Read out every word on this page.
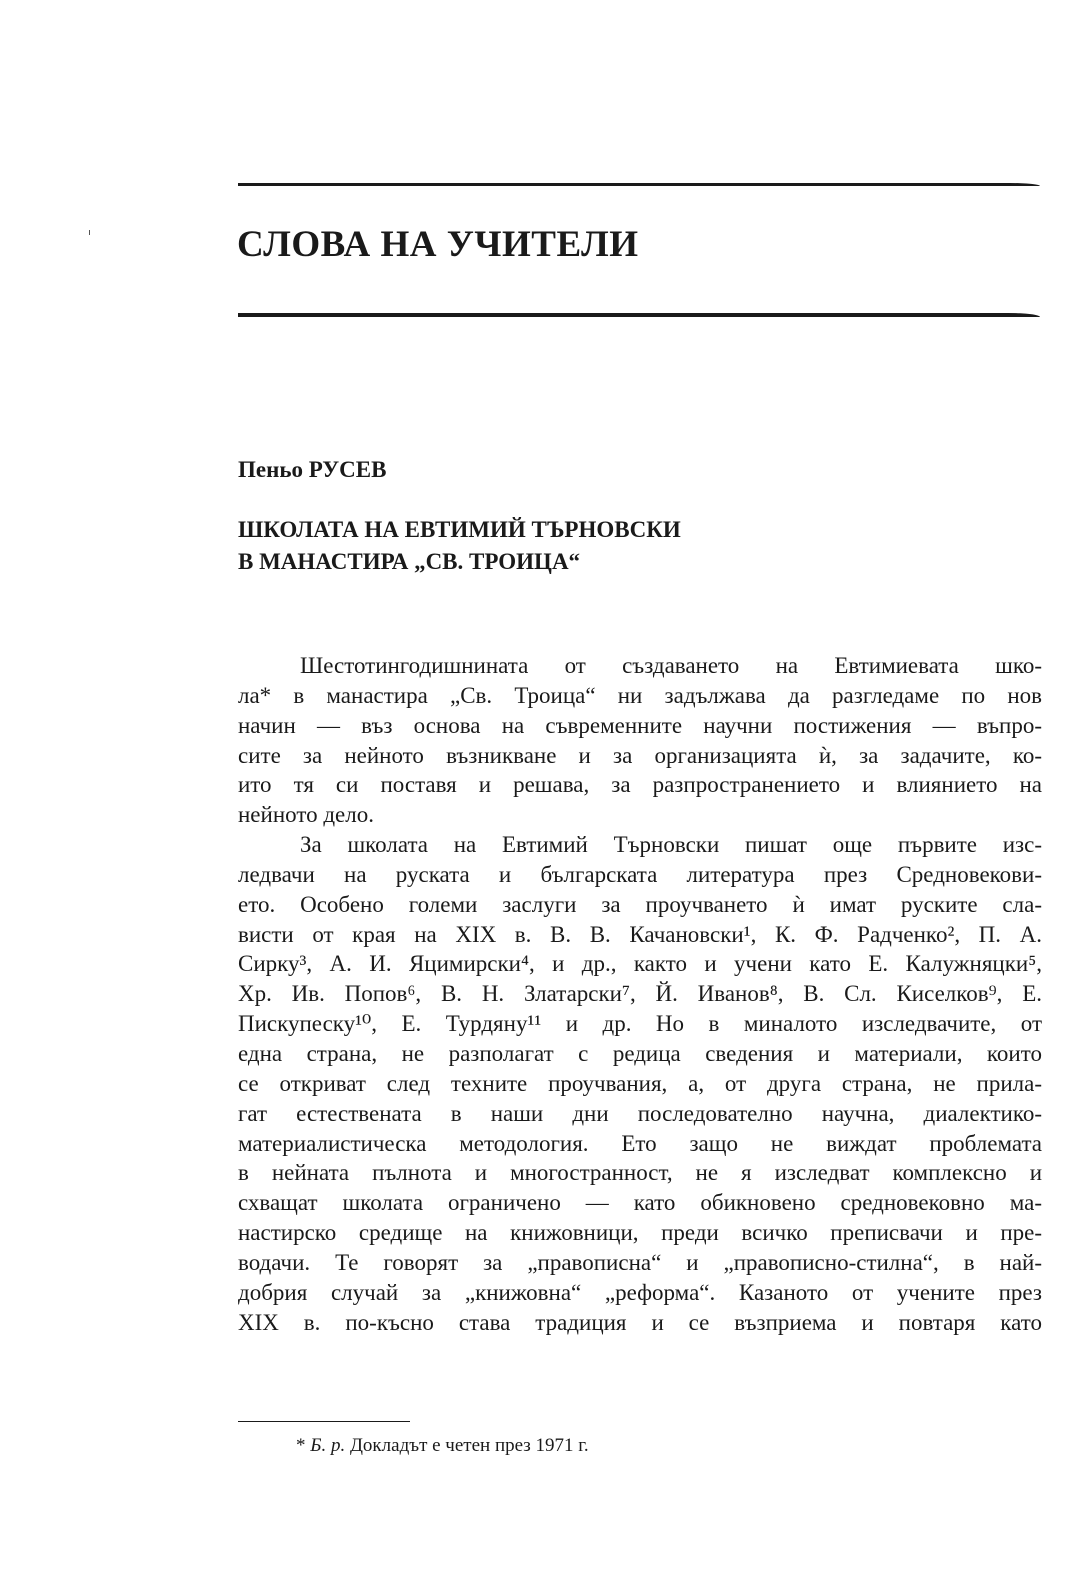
СЛОВА НА УЧИТЕЛИ

Пеньо РУСЕВ

ШКОЛАТА НА ЕВТИМИЙ ТЪРНОВСКИ
В МАНАСТИРА „СВ. ТРОИЦА“
Шестотингодишнината от създаването на Евтимиевата шко-
ла* в манастира „Св. Троица“ ни задължава да разгледаме по нов
начин — въз основа на съвременните научни постижения — въпро-
сите за нейното възникване и за организацията ѝ, за задачите, ко-
ито тя си поставя и решава, за разпространението и влиянието на
нейното дело.
За школата на Евтимий Търновски пишат още първите изс-
ледвачи на руската и българската литература през Средновекови-
ето. Особено големи заслуги за проучването ѝ имат руските сла-
висти от края на XIX в. В. В. Качановски¹, К. Ф. Радченко², П. А.
Сирку³, А. И. Яцимирски⁴, и др., както и учени като Е. Калужняцки⁵,
Хр. Ив. Попов⁶, В. Н. Златарски⁷, Й. Иванов⁸, В. Сл. Киселков⁹, Е.
Пискупеску¹⁰, Е. Турдяну¹¹ и др. Но в миналото изследвачите, от
една страна, не разполагат с редица сведения и материали, които
се откриват след техните проучвания, а, от друга страна, не прила-
гат естествената в наши дни последователно научна, диалектико-
материалистическа методология. Ето защо не виждат проблемата
в нейната пълнота и многостранност, не я изследват комплексно и
схващат школата ограничено — като обикновено средновековно ма-
настирско средище на книжовници, преди всичко преписвачи и пре-
водачи. Те говорят за „правописна“ и „правописно-стилна“, в най-
добрия случай за „книжовна“ „реформа“. Казаното от учените през
XIX в. по-късно става традиция и се възприема и повтаря като
* Б. р. Докладът е четен през 1971 г.
